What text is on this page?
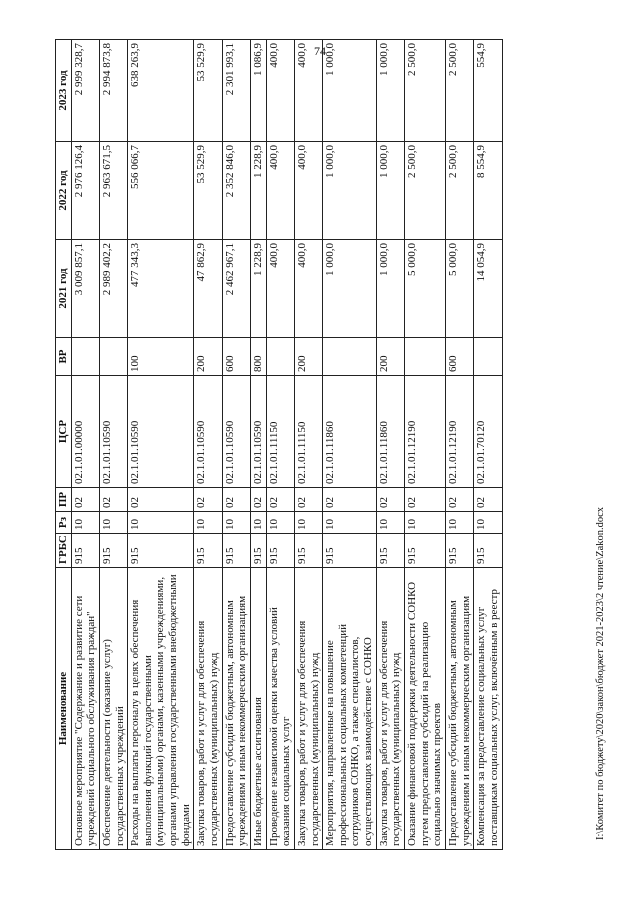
74
Наименование	ГРБС	Рз	ПР	ЦСР	ВР	2021 год	2022 год	2023 год
Основное мероприятие "Содержание и развитие сети учреждений социального обслуживания граждан"	915	10	02	02.1.01.00000		3 009 857,1	2 976 126,4	2 999 328,7
Обеспечение деятельности (оказание услуг) государственных учреждений	915	10	02	02.1.01.10590		2 989 402,2	2 963 671,5	2 994 873,8
Расходы на выплаты персоналу в целях обеспечения выполнения функций государственными (муниципальными) органами, казенными учреждениями, органами управления государственными внебюджетными фондами	915	10	02	02.1.01.10590	100	477 343,3	556 066,7	638 263,9
Закупка товаров, работ и услуг для обеспечения государственных (муниципальных) нужд	915	10	02	02.1.01.10590	200	47 862,9	53 529,9	53 529,9
Предоставление субсидий бюджетным, автономным учреждениям и иным некоммерческим организациям	915	10	02	02.1.01.10590	600	2 462 967,1	2 352 846,0	2 301 993,1
Иные бюджетные ассигнования	915	10	02	02.1.01.10590	800	1 228,9	1 228,9	1 086,9
Проведение независимой оценки качества условий оказания социальных услуг	915	10	02	02.1.01.11150		400,0	400,0	400,0
Закупка товаров, работ и услуг для обеспечения государственных (муниципальных) нужд	915	10	02	02.1.01.11150	200	400,0	400,0	400,0
Мероприятия, направленные на повышение профессиональных и социальных компетенций сотрудников СОНКО, а также специалистов, осуществляющих взаимодействие с СОНКО	915	10	02	02.1.01.11860		1 000,0	1 000,0	1 000,0
Закупка товаров, работ и услуг для обеспечения государственных (муниципальных) нужд	915	10	02	02.1.01.11860	200	1 000,0	1 000,0	1 000,0
Оказание финансовой поддержки деятельности СОНКО путем предоставления субсидий на реализацию социально значимых проектов	915	10	02	02.1.01.12190		5 000,0	2 500,0	2 500,0
Предоставление субсидий бюджетным, автономным учреждениям и иным некоммерческим организациям	915	10	02	02.1.01.12190	600	5 000,0	2 500,0	2 500,0
Компенсация за предоставление социальных услуг поставщикам социальных услуг, включённым в реестр	915	10	02	02.1.01.70120		14 054,9	8 554,9	554,9
I:\Комитет по бюджету\2020\закон\бюджет 2021-2023\2 чтение\Zakon.docx
